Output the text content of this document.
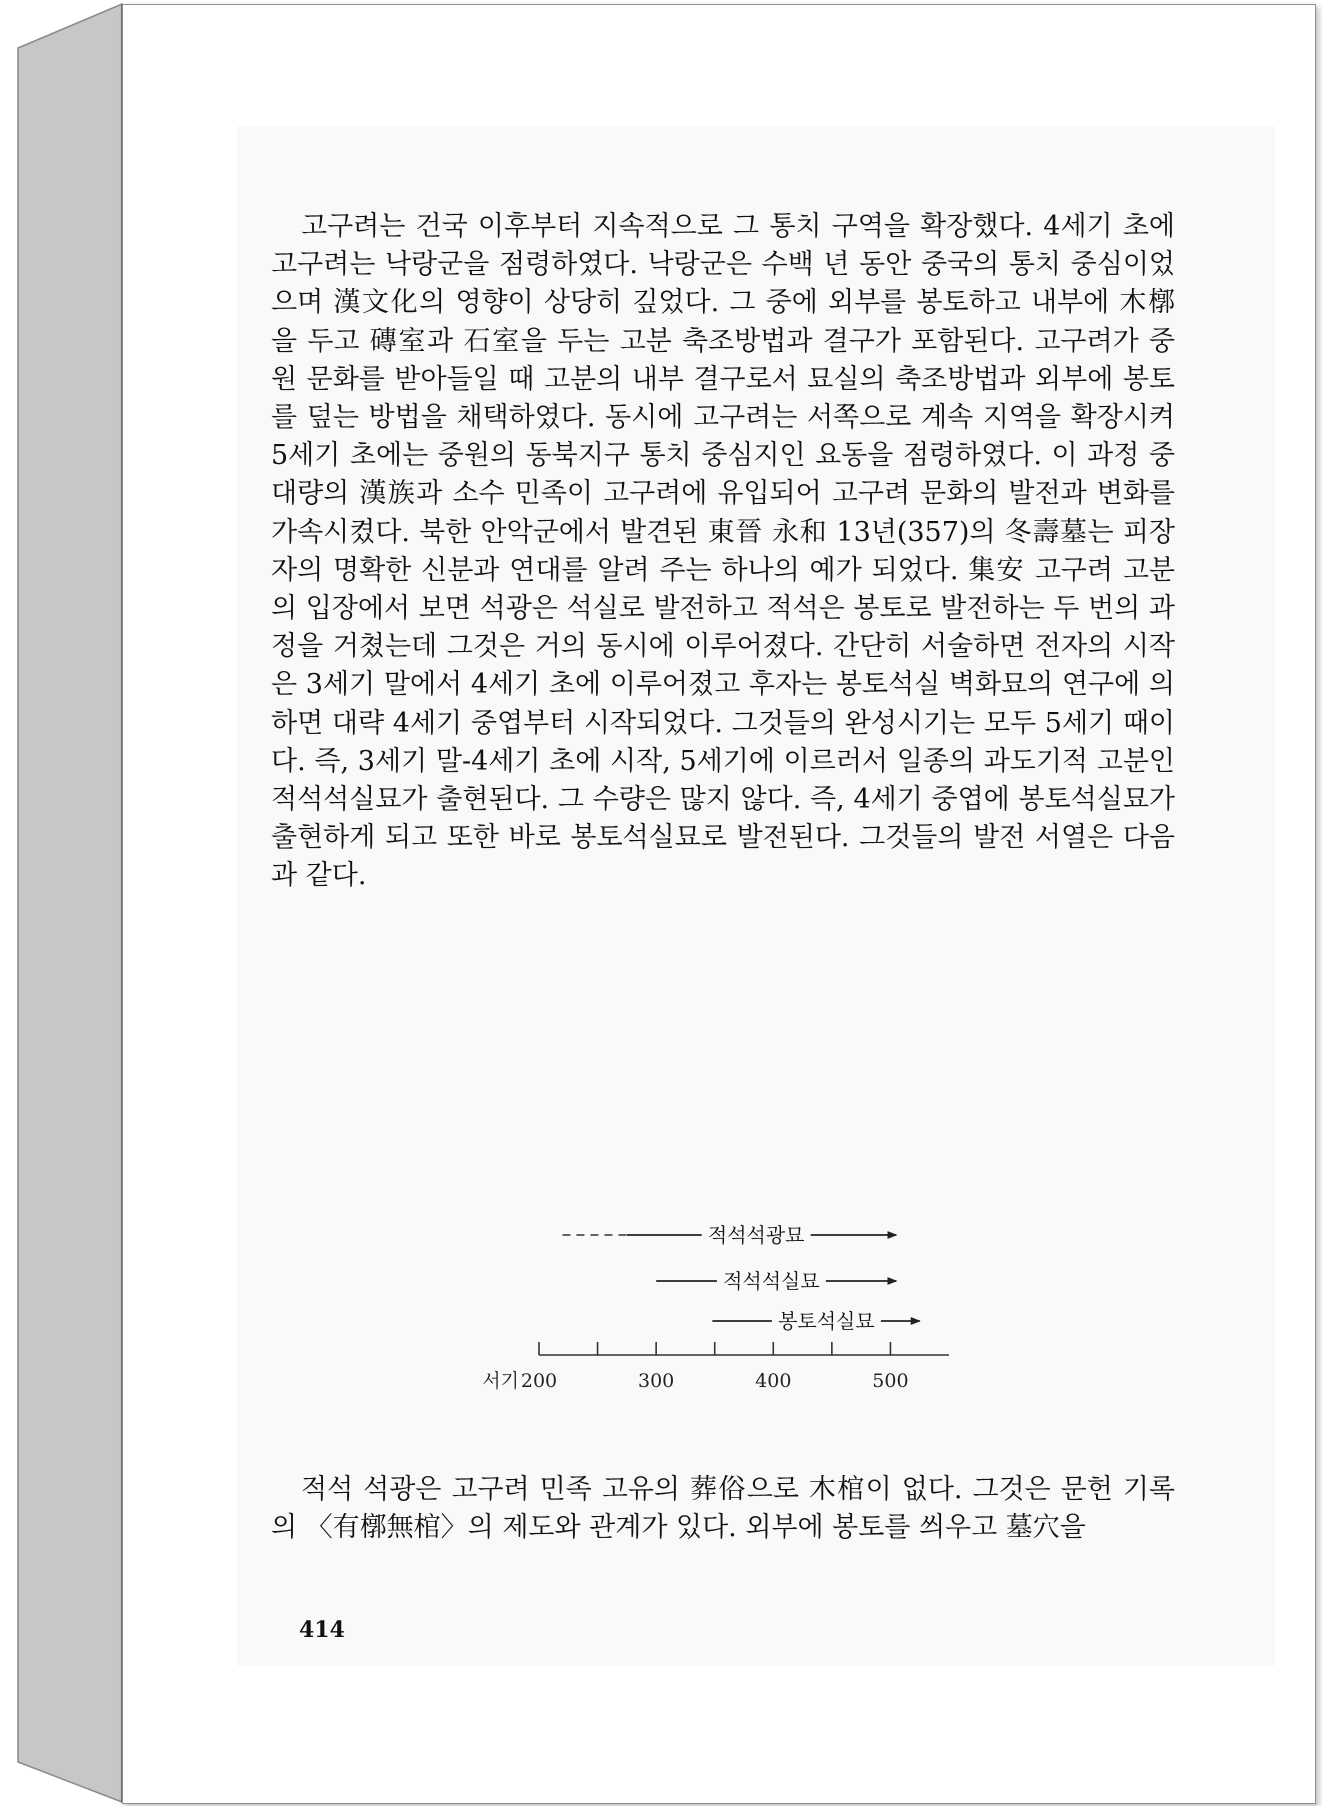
고구려는 건국 이후부터 지속적으로 그 통치 구역을 확장했다. 4세기 초에 고구려는 낙랑군을 점령하였다. 낙랑군은 수백 년 동안 중국의 통치 중심이었으며 漢文化의 영향이 상당히 깊었다. 그 중에 외부를 봉토하고 내부에 木槨을 두고 磚室과 石室을 두는 고분 축조방법과 결구가 포함된다. 고구려가 중원 문화를 받아들일 때 고분의 내부 결구로서 묘실의 축조방법과 외부에 봉토를 덮는 방법을 채택하였다. 동시에 고구려는 서쪽으로 계속 지역을 확장시켜 5세기 초에는 중원의 동북지구 통치 중심지인 요동을 점령하였다. 이 과정 중 대량의 漢族과 소수 민족이 고구려에 유입되어 고구려 문화의 발전과 변화를 가속시켰다. 북한 안악군에서 발견된 東晉 永和 13년(357)의 冬壽墓는 피장자의 명확한 신분과 연대를 알려 주는 하나의 예가 되었다. 集安 고구려 고분의 입장에서 보면 석광은 석실로 발전하고 적석은 봉토로 발전하는 두 번의 과정을 거쳤는데 그것은 거의 동시에 이루어졌다. 간단히 서술하면 전자의 시작은 3세기 말에서 4세기 초에 이루어졌고 후자는 봉토석실 벽화묘의 연구에 의하면 대략 4세기 중엽부터 시작되었다. 그것들의 완성시기는 모두 5세기 때이다. 즉, 3세기 말-4세기 초에 시작, 5세기에 이르러서 일종의 과도기적 고분인 적석석실묘가 출현된다. 그 수량은 많지 않다. 즉, 4세기 중엽에 봉토석실묘가 출현하게 되고 또한 바로 봉토석실묘로 발전된다. 그것들의 발전 서열은 다음과 같다.

적석석광묘
적석석실묘
봉토석실묘
200	300	400	500
서기

적석 석광은 고구려 민족 고유의 葬俗으로 木棺이 없다. 그것은 문헌 기록의 〈有槨無棺〉의 제도와 관계가 있다. 외부에 봉토를 씌우고 墓穴을

414
